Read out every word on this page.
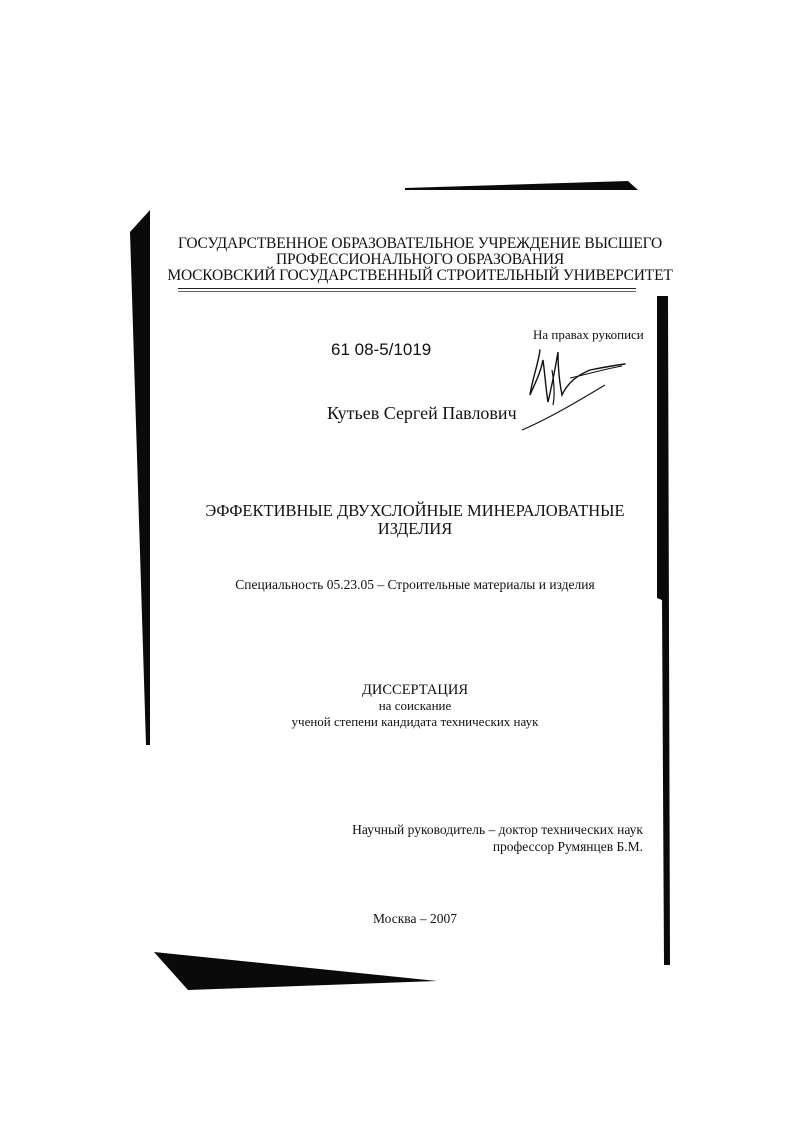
ГОСУДАРСТВЕННОЕ ОБРАЗОВАТЕЛЬНОЕ УЧРЕЖДЕНИЕ ВЫСШЕГО
ПРОФЕССИОНАЛЬНОГО ОБРАЗОВАНИЯ
МОСКОВСКИЙ ГОСУДАРСТВЕННЫЙ СТРОИТЕЛЬНЫЙ УНИВЕРСИТЕТ
На правах рукописи
61 08-5/1019
Кутьев Сергей Павлович
ЭФФЕКТИВНЫЕ ДВУХСЛОЙНЫЕ МИНЕРАЛОВАТНЫЕ
ИЗДЕЛИЯ
Специальность 05.23.05 – Строительные материалы и изделия
ДИССЕРТАЦИЯ
на соискание
ученой степени кандидата технических наук
Научный руководитель – доктор технических наук
профессор Румянцев Б.М.
Москва – 2007
